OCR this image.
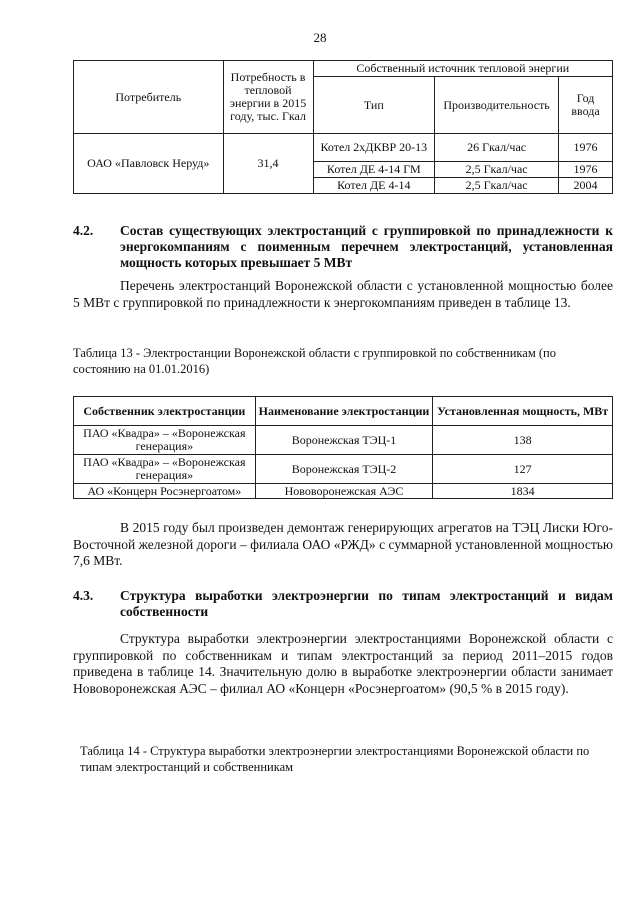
28
Потребитель	Потребность в тепловой энергии в 2015 году, тыс. Гкал	Собственный источник тепловой энергии		
		Тип	Производительность	Год ввода
ОАО «Павловск Неруд»	31,4	Котел 2хДКВР 20-13	26 Гкал/час	1976
		Котел ДЕ 4-14 ГМ	2,5 Гкал/час	1976
		Котел ДЕ 4-14	2,5 Гкал/час	2004
4.2. Состав существующих электростанций с группировкой по принадлежности к энергокомпаниям с поименным перечнем электростанций, установленная мощность которых превышает 5 МВт
Перечень электростанций Воронежской области с установленной мощностью более 5 МВт с группировкой по принадлежности к энергокомпаниям приведен в таблице 13.
Таблица 13 - Электростанции Воронежской области с группировкой по собственникам (по состоянию на 01.01.2016)
Собственник электростанции	Наименование электростанции	Установленная мощность, МВт
ПАО «Квадра» – «Воронежская генерация»	Воронежская ТЭЦ-1	138
ПАО «Квадра» – «Воронежская генерация»	Воронежская ТЭЦ-2	127
АО «Концерн Росэнергоатом»	Нововоронежская АЭС	1834
В 2015 году был произведен демонтаж генерирующих агрегатов на ТЭЦ Лиски Юго-Восточной железной дороги – филиала ОАО «РЖД» с суммарной установленной мощностью 7,6 МВт.
4.3. Структура выработки электроэнергии по типам электростанций и видам собственности
Структура выработки электроэнергии электростанциями Воронежской области с группировкой по собственникам и типам электростанций за период 2011–2015 годов приведена в таблице 14. Значительную долю в выработке электроэнергии области занимает Нововоронежская АЭС – филиал АО «Концерн «Росэнергоатом» (90,5 % в 2015 году).
Таблица 14 - Структура выработки электроэнергии электростанциями Воронежской области по типам электростанций и собственникам
